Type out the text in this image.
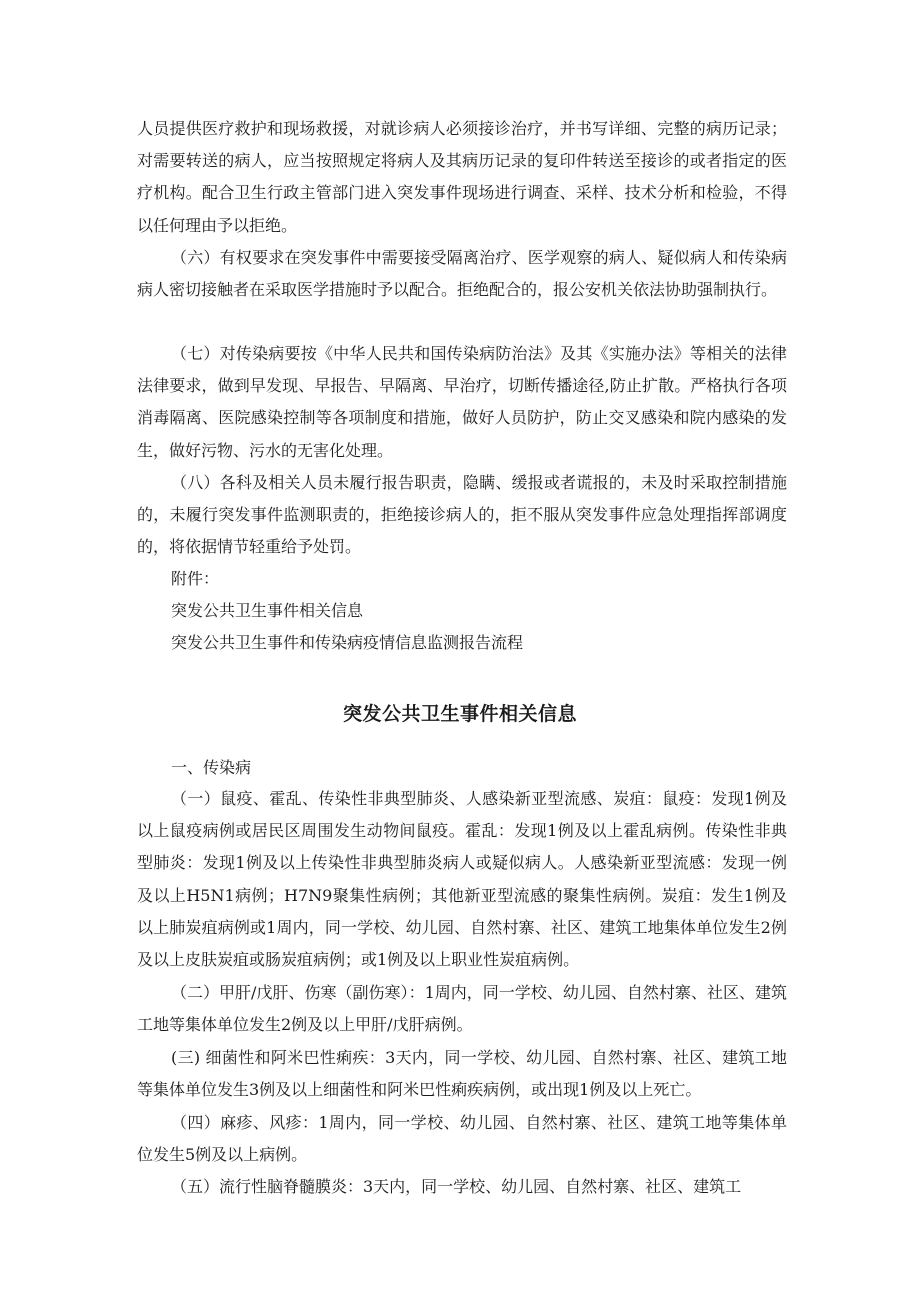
人员提供医疗救护和现场救援，对就诊病人必须接诊治疗，并书写详细、完整的病历记录；对需要转送的病人，应当按照规定将病人及其病历记录的复印件转送至接诊的或者指定的医疗机构。配合卫生行政主管部门进入突发事件现场进行调查、采样、技术分析和检验，不得以任何理由予以拒绝。

（六）有权要求在突发事件中需要接受隔离治疗、医学观察的病人、疑似病人和传染病病人密切接触者在采取医学措施时予以配合。拒绝配合的，报公安机关依法协助强制执行。

（七）对传染病要按《中华人民共和国传染病防治法》及其《实施办法》等相关的法律法律要求，做到早发现、早报告、早隔离、早治疗，切断传播途径,防止扩散。严格执行各项消毒隔离、医院感染控制等各项制度和措施，做好人员防护，防止交叉感染和院内感染的发生，做好污物、污水的无害化处理。

（八）各科及相关人员未履行报告职责，隐瞒、缓报或者谎报的，未及时采取控制措施的，未履行突发事件监测职责的，拒绝接诊病人的，拒不服从突发事件应急处理指挥部调度的，将依据情节轻重给予处罚。

附件：

突发公共卫生事件相关信息

突发公共卫生事件和传染病疫情信息监测报告流程

突发公共卫生事件相关信息

一、传染病

（一）鼠疫、霍乱、传染性非典型肺炎、人感染新亚型流感、炭疽：鼠疫：发现1例及以上鼠疫病例或居民区周围发生动物间鼠疫。霍乱：发现1例及以上霍乱病例。传染性非典型肺炎：发现1例及以上传染性非典型肺炎病人或疑似病人。人感染新亚型流感：发现一例及以上H5N1病例；H7N9聚集性病例；其他新亚型流感的聚集性病例。炭疽：发生1例及以上肺炭疽病例或1周内，同一学校、幼儿园、自然村寨、社区、建筑工地集体单位发生2例及以上皮肤炭疽或肠炭疽病例；或1例及以上职业性炭疽病例。

（二）甲肝/戊肝、伤寒（副伤寒）：1周内，同一学校、幼儿园、自然村寨、社区、建筑工地等集体单位发生2例及以上甲肝/戊肝病例。

(三) 细菌性和阿米巴性痢疾：3天内，同一学校、幼儿园、自然村寨、社区、建筑工地等集体单位发生3例及以上细菌性和阿米巴性痢疾病例，或出现1例及以上死亡。

（四）麻疹、风疹：1周内，同一学校、幼儿园、自然村寨、社区、建筑工地等集体单位发生5例及以上病例。

（五）流行性脑脊髓膜炎：3天内，同一学校、幼儿园、自然村寨、社区、建筑工
